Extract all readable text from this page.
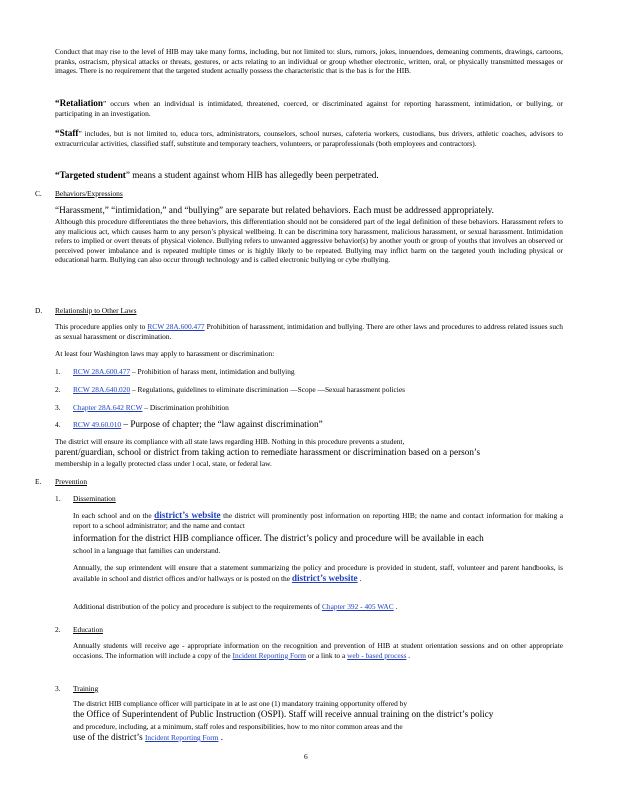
Conduct that may rise to the level of HIB may take many forms, including, but not limited to: slurs, rumors, jokes, innuendoes, demeaning comments, drawings, cartoons, pranks, ostracism, physical attacks or threats, gestures, or acts relating to an individual or group whether electronic, written, oral, or physically transmitted messages or images. There is no requirement that the targeted student actually possess the characteristic that is the bas is for the HIB.

“Retaliation” occurs when an individual is intimidated, threatened, coerced, or discriminated against for reporting harassment, intimidation, or bullying, or participating in an investigation.

“Staff” includes, but is not limited to, educa tors, administrators, counselors, school nurses, cafeteria workers, custodians, bus drivers, athletic coaches, advisors to extracurricular activities, classified staff, substitute and temporary teachers, volunteers, or paraprofessionals (both employees and contractors).

“Targeted student” means a student against whom HIB has allegedly been perpetrated.

C. Behaviors/Expressions

“Harassment,” “intimidation,” and “bullying” are separate but related behaviors. Each must be addressed appropriately.

Although this procedure differentiates the three behaviors, this differentiation should not be considered part of the legal definition of these behaviors. Harassment refers to any malicious act, which causes harm to any person’s physical wellbeing. It can be discrimina tory harassment, malicious harassment, or sexual harassment. Intimidation refers to implied or overt threats of physical violence. Bullying refers to unwanted aggressive behavior(s) by another youth or group of youths that involves an observed or perceived power imbalance and is repeated multiple times or is highly likely to be repeated. Bullying may inflict harm on the targeted youth including physical or educational harm. Bullying can also occur through technology and is called electronic bullying or cybe rbullying.

D. Relationship to Other Laws

This procedure applies only to RCW 28A.600.477 Prohibition of harassment, intimidation and bullying. There are other laws and procedures to address related issues such as sexual harassment or discrimination.

At least four Washington laws may apply to harassment or discrimination:

1. RCW 28A.600.477 – Prohibition of harass ment, intimidation and bullying

2. RCW 28A.640.020 – Regulations, guidelines to eliminate discrimination —Scope —Sexual harassment policies

3. Chapter 28A.642 RCW – Discrimination prohibition

4. RCW 49.60.010 – Purpose of chapter; the “law against discrimination”

The district will ensure its compliance with all state laws regarding HIB. Nothing in this procedure prevents a student,

parent/guardian, school or district from taking action to remediate harassment or discrimination based on a person’s

membership in a legally protected class under l ocal, state, or federal law.

E. Prevention
1. Dissemination

In each school and on the district’s website the district will prominently post information on reporting HIB; the name and contact information for making a report to a school administrator; and the name and contact

information for the district HIB compliance officer. The district’s policy and procedure will be available in each

school in a language that families can understand.

Annually, the sup erintendent will ensure that a statement summarizing the policy and procedure is provided in student, staff, volunteer and parent handbooks, is available in school and district offices and/or hallways or is posted on the district’s website .

Additional distribution of the policy and procedure is subject to the requirements of Chapter 392 - 405 WAC .

2. Education

Annually students will receive age - appropriate information on the recognition and prevention of HIB at student orientation sessions and on other appropriate occasions. The information will include a copy of the Incident Reporting Form or a link to a web - based process .

3. Training

The district HIB compliance officer will participate in at le ast one (1) mandatory training opportunity offered by

the Office of Superintendent of Public Instruction (OSPI). Staff will receive annual training on the district’s policy

and procedure, including, at a minimum, staff roles and responsibilities, how to mo nitor common areas and the

use of the district’s Incident Reporting Form .

6
